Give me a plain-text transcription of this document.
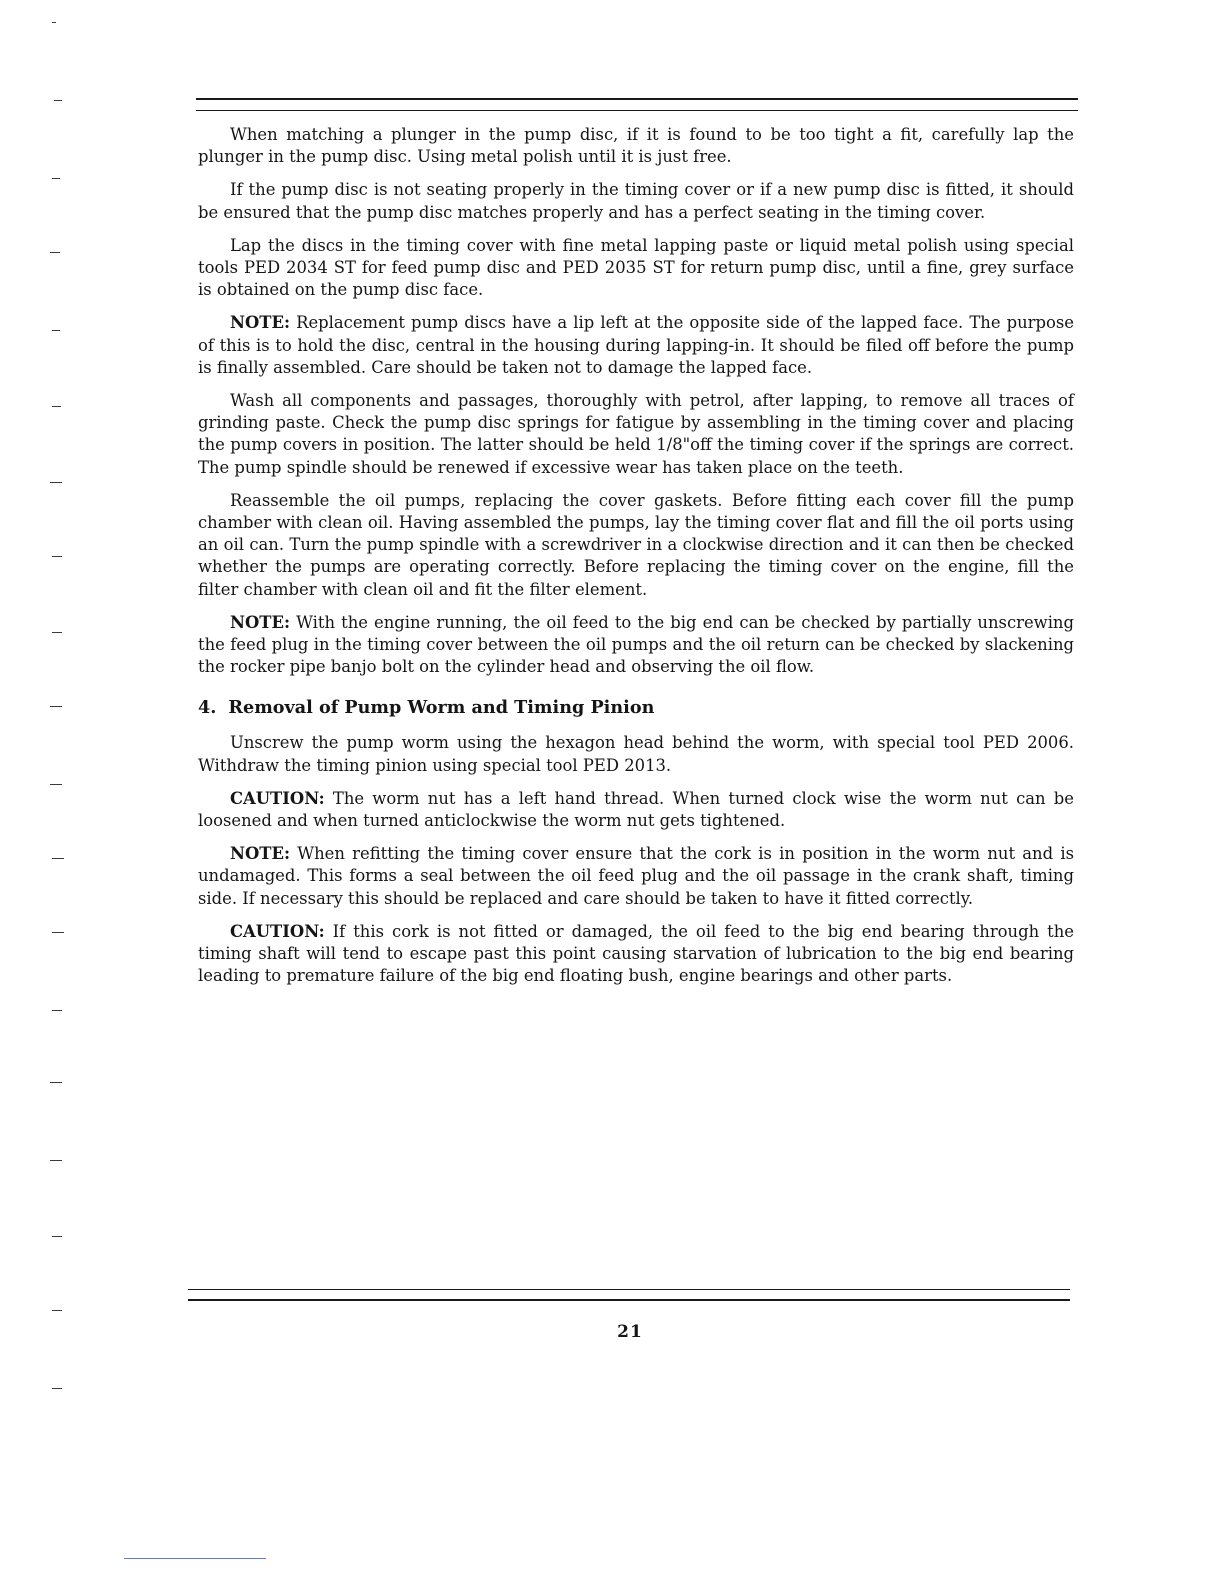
When matching a plunger in the pump disc, if it is found to be too tight a fit, carefully lap the plunger in the pump disc. Using metal polish until it is just free.

If the pump disc is not seating properly in the timing cover or if a new pump disc is fitted, it should be ensured that the pump disc matches properly and has a perfect seating in the timing cover.

Lap the discs in the timing cover with fine metal lapping paste or liquid metal polish using special tools PED 2034 ST for feed pump disc and PED 2035 ST for return pump disc, until a fine, grey surface is obtained on the pump disc face.

NOTE: Replacement pump discs have a lip left at the opposite side of the lapped face. The purpose of this is to hold the disc, central in the housing during lapping-in. It should be filed off before the pump is finally assembled. Care should be taken not to damage the lapped face.

Wash all components and passages, thoroughly with petrol, after lapping, to remove all traces of grinding paste. Check the pump disc springs for fatigue by assembling in the timing cover and placing the pump covers in position. The latter should be held 1/8"off the timing cover if the springs are correct. The pump spindle should be renewed if excessive wear has taken place on the teeth.

Reassemble the oil pumps, replacing the cover gaskets. Before fitting each cover fill the pump chamber with clean oil. Having assembled the pumps, lay the timing cover flat and fill the oil ports using an oil can. Turn the pump spindle with a screwdriver in a clockwise direction and it can then be checked whether the pumps are operating correctly. Before replacing the timing cover on the engine, fill the filter chamber with clean oil and fit the filter element.

NOTE: With the engine running, the oil feed to the big end can be checked by partially unscrewing the feed plug in the timing cover between the oil pumps and the oil return can be checked by slackening the rocker pipe banjo bolt on the cylinder head and observing the oil flow.

4. Removal of Pump Worm and Timing Pinion

Unscrew the pump worm using the hexagon head behind the worm, with special tool PED 2006. Withdraw the timing pinion using special tool PED 2013.

CAUTION: The worm nut has a left hand thread. When turned clock wise the worm nut can be loosened and when turned anticlockwise the worm nut gets tightened.

NOTE: When refitting the timing cover ensure that the cork is in position in the worm nut and is undamaged. This forms a seal between the oil feed plug and the oil passage in the crank shaft, timing side. If necessary this should be replaced and care should be taken to have it fitted correctly.

CAUTION: If this cork is not fitted or damaged, the oil feed to the big end bearing through the timing shaft will tend to escape past this point causing starvation of lubrication to the big end bearing leading to premature failure of the big end floating bush, engine bearings and other parts.

21
